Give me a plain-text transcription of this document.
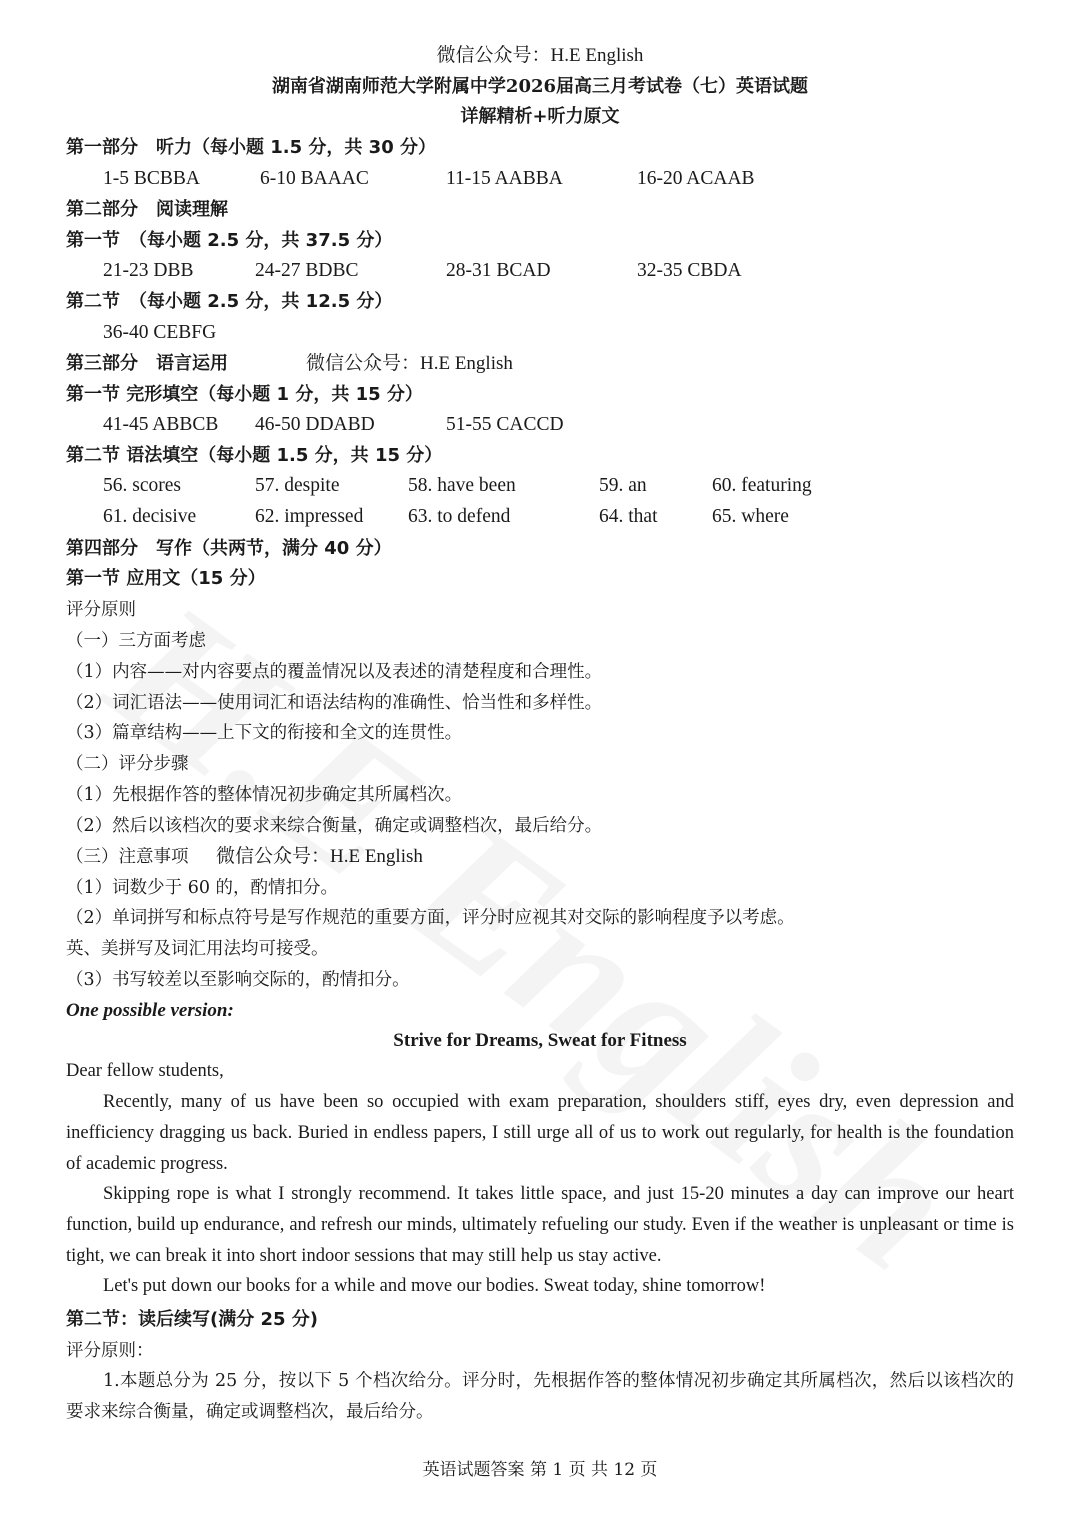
微信公众号：H.E English
湖南省湖南师范大学附属中学2026届高三月考试卷（七）英语试题
详解精析+听力原文
第一部分　听力（每小题 1.5 分，共 30 分）
1-5 BCBBA	6-10 BAAAC	11-15 AABBA	16-20 ACAAB
第二部分　阅读理解
第一节　（每小题 2.5 分，共 37.5 分）
21-23 DBB	24-27 BDBC	28-31 BCAD	32-35 CBDA
第二节　（每小题 2.5 分，共 12.5 分）
36-40 CEBFG
第三部分　语言运用	微信公众号：H.E English
第一节 完形填空（每小题 1 分，共 15 分）
41-45 ABBCB 46-50 DDABD	51-55 CACCD
第二节 语法填空（每小题 1.5 分，共 15 分）
56. scores	57. despite	58. have been	59. an	60. featuring
61. decisive	62. impressed 63. to defend	64. that	65. where
第四部分　写作（共两节，满分 40 分）
第一节 应用文（15 分）
评分原则
（一）三方面考虑
（1）内容——对内容要点的覆盖情况以及表述的清楚程度和合理性。
（2）词汇语法——使用词汇和语法结构的准确性、恰当性和多样性。
（3）篇章结构——上下文的衔接和全文的连贯性。
（二）评分步骤
（1）先根据作答的整体情况初步确定其所属档次。
（2）然后以该档次的要求来综合衡量，确定或调整档次，最后给分。
（三）注意事项 微信公众号：H.E English
（1）词数少于 60 的，酌情扣分。
（2）单词拼写和标点符号是写作规范的重要方面，评分时应视其对交际的影响程度予以考虑。
英、美拼写及词汇用法均可接受。
（3）书写较差以至影响交际的，酌情扣分。
One possible version:
Strive for Dreams, Sweat for Fitness
Dear fellow students,
Recently, many of us have been so occupied with exam preparation, shoulders stiff, eyes dry, even depression and inefficiency dragging us back. Buried in endless papers, I still urge all of us to work out regularly, for health is the foundation of academic progress.
Skipping rope is what I strongly recommend. It takes little space, and just 15-20 minutes a day can improve our heart function, build up endurance, and refresh our minds, ultimately refueling our study. Even if the weather is unpleasant or time is tight, we can break it into short indoor sessions that may still help us stay active.
Let's put down our books for a while and move our bodies. Sweat today, shine tomorrow!
第二节：读后续写(满分 25 分)
评分原则：
1.本题总分为 25 分，按以下 5 个档次给分。评分时，先根据作答的整体情况初步确定其所属档次，然后以该档次的要求来综合衡量，确定或调整档次，最后给分。
英语试题答案 第 1 页 共 12 页
